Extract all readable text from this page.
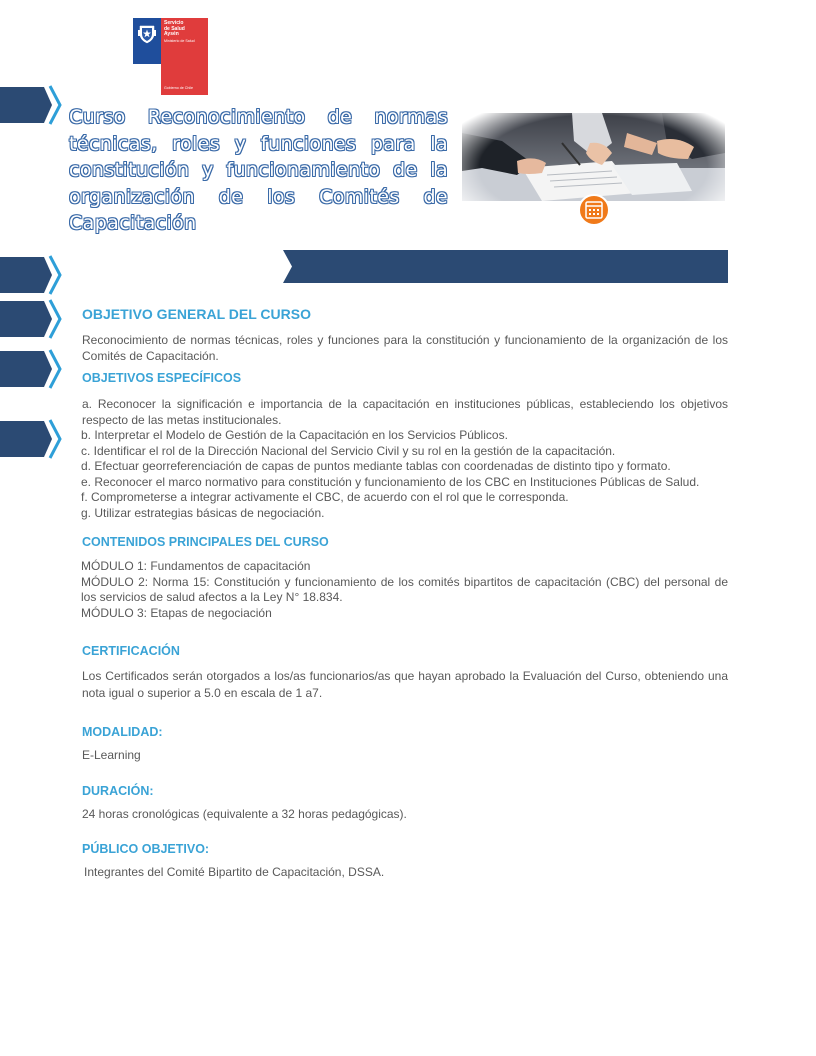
Servicio
de Salud
Aysén
Ministerio de Salud
Gobierno de Chile
Curso Reconocimiento de normas técnicas, roles y funciones para la constitución y funcionamiento de la organización de los Comités de Capacitación
OBJETIVO GENERAL DEL CURSO

Reconocimiento de normas técnicas, roles y funciones para la constitución y funcionamiento de la organización de los Comités de Capacitación.

OBJETIVOS ESPECÍFICOS

a. Reconocer la significación e importancia de la capacitación en instituciones públicas, estableciendo los objetivos respecto de las metas institucionales.

b. Interpretar el Modelo de Gestión de la Capacitación en los Servicios Públicos.

c. Identificar el rol de la Dirección Nacional del Servicio Civil y su rol en la gestión de la capacitación.

d. Efectuar georreferenciación de capas de puntos mediante tablas con coordenadas de distinto tipo y formato.

e. Reconocer el marco normativo para constitución y funcionamiento de los CBC en Instituciones Públicas de Salud.

f. Comprometerse a integrar activamente el CBC, de acuerdo con el rol que le corresponda.

g. Utilizar estrategias básicas de negociación.

CONTENIDOS PRINCIPALES DEL CURSO

MÓDULO 1: Fundamentos de capacitación

MÓDULO 2: Norma 15: Constitución y funcionamiento de los comités bipartitos de capacitación (CBC) del personal de los servicios de salud afectos a la Ley N° 18.834.

MÓDULO 3: Etapas de negociación

CERTIFICACIÓN

Los Certificados serán otorgados a los/as funcionarios/as que hayan aprobado la Evaluación del Curso, obteniendo una nota igual o superior a 5.0 en escala de 1 a7.

MODALIDAD:

E-Learning

DURACIÓN:

24 horas cronológicas (equivalente a 32 horas pedagógicas).

PÚBLICO OBJETIVO:

Integrantes del Comité Bipartito de Capacitación, DSSA.
